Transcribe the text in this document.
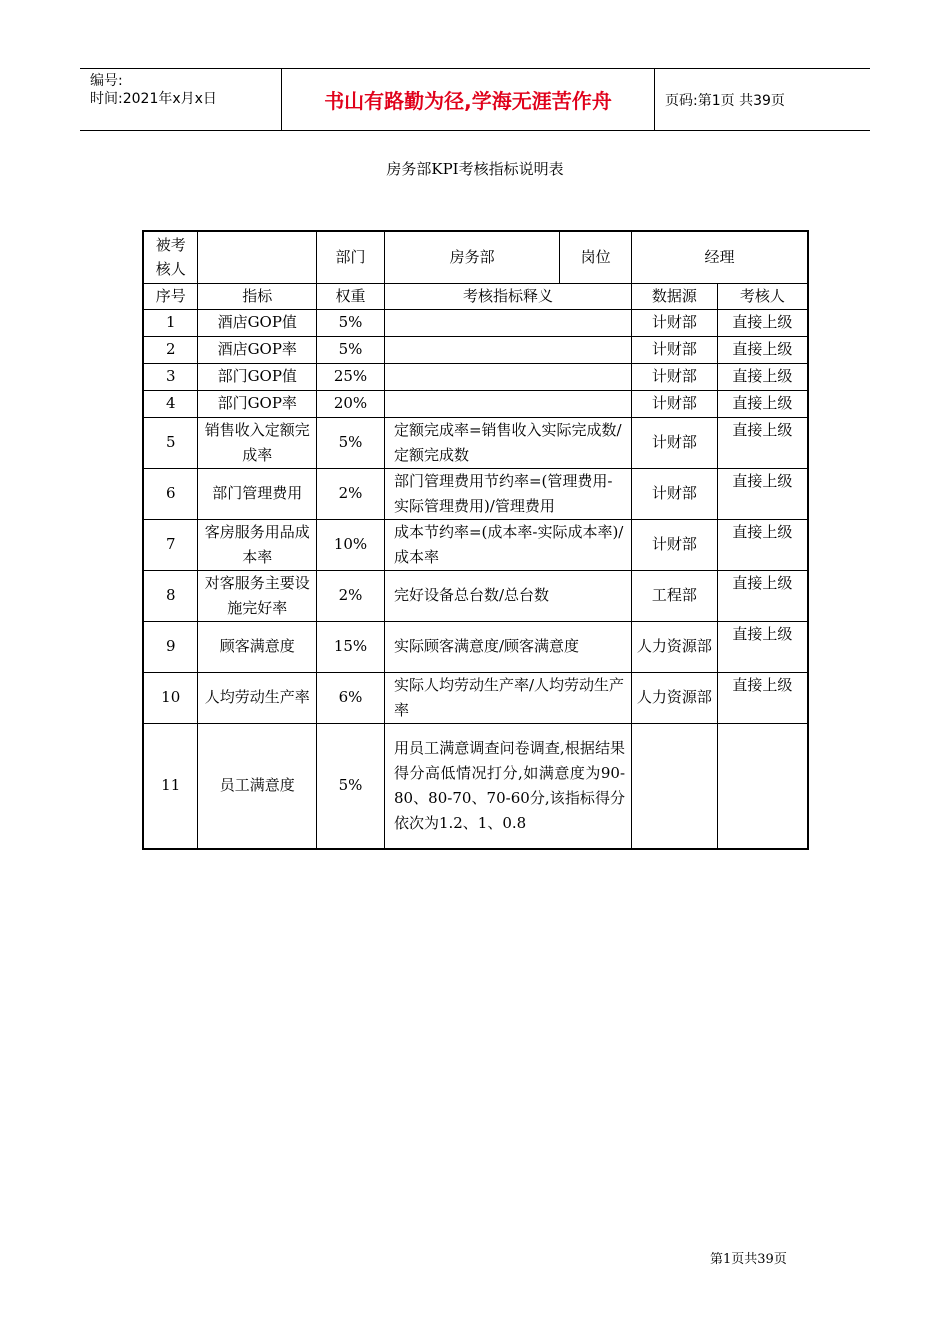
编号:
时间:2021年x月x日	书山有路勤为径,学海无涯苦作舟	页码:第1页 共39页
房务部KPI考核指标说明表
被考核人		部门	房务部	岗位	经理	
序号	指标	权重	考核指标释义		数据源	考核人
1	酒店GOP值	5%			计财部	直接上级
2	酒店GOP率	5%			计财部	直接上级
3	部门GOP值	25%			计财部	直接上级
4	部门GOP率	20%			计财部	直接上级
5	销售收入定额完成率	5%	定额完成率=销售收入实际完成数/定额完成数		计财部	直接上级
6	部门管理费用	2%	部门管理费用节约率=(管理费用-实际管理费用)/管理费用		计财部	直接上级
7	客房服务用品成本率	10%	成本节约率=(成本率-实际成本率)/成本率		计财部	直接上级
8	对客服务主要设施完好率	2%	完好设备总台数/总台数		工程部	直接上级
9	顾客满意度	15%	实际顾客满意度/顾客满意度		人力资源部	直接上级
10	人均劳动生产率	6%	实际人均劳动生产率/人均劳动生产率		人力资源部	直接上级
11	员工满意度	5%	用员工满意调查问卷调查,根据结果得分高低情况打分,如满意度为90-80、80-70、70-60分,该指标得分依次为1.2、1、0.8			
第1页共39页
